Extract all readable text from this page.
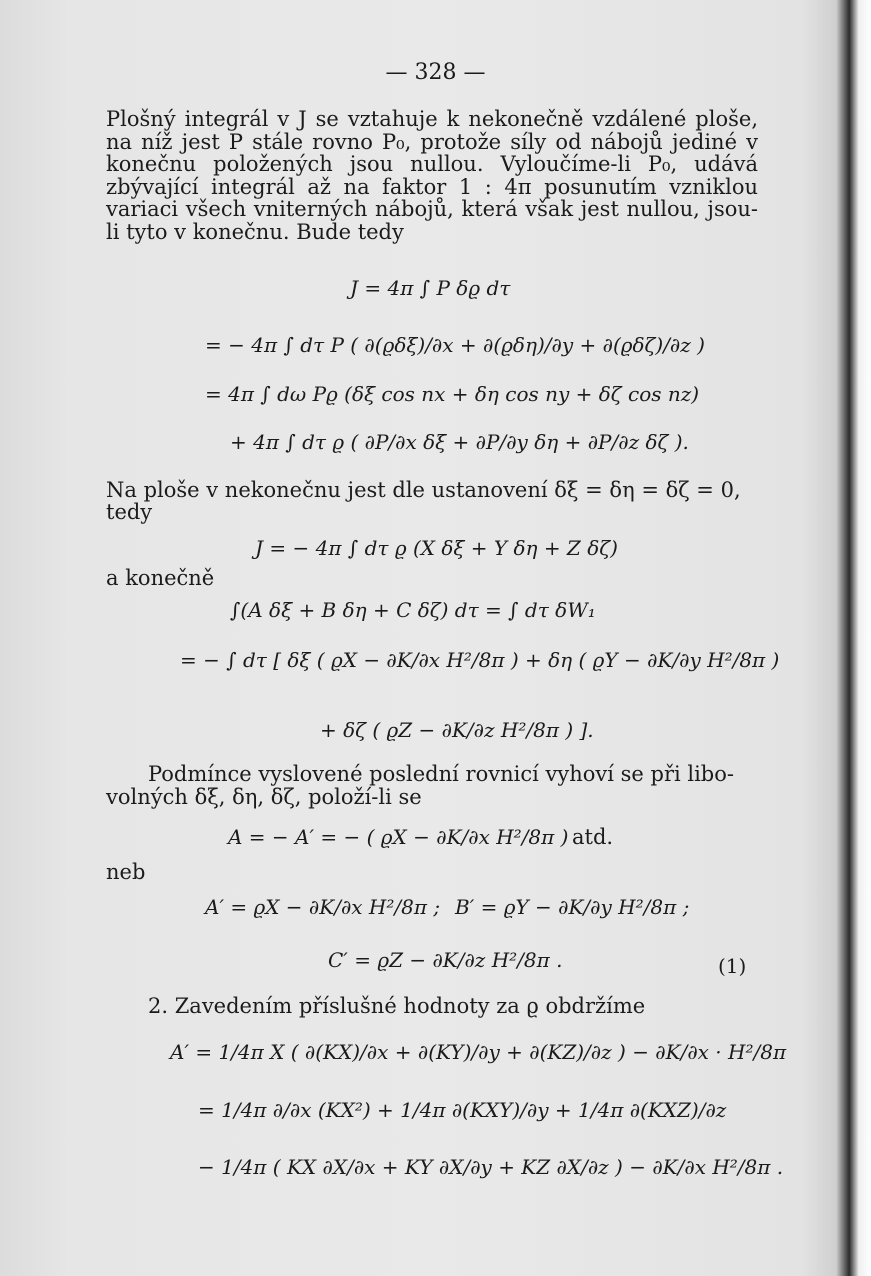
— 328 —

Plošný integrál v J se vztahuje k nekonečně vzdálené ploše, na níž jest P stále rovno P₀, protože síly od nábojů jediné v konečnu položených jsou nullou. Vyloučíme-li P₀, udává zbývající integrál až na faktor 1 : 4π posunutím vzniklou variaci všech vniterných nábojů, která však jest nullou, jsou-li tyto v konečnu. Bude tedy

J = 4π ∫ P δϱ dτ
= − 4π ∫ dτ P ( ∂(ϱδξ)/∂x + ∂(ϱδη)/∂y + ∂(ϱδζ)/∂z )
= 4π ∫ dω Pϱ (δξ cos nx + δη cos ny + δζ cos nz)
+ 4π ∫ dτ ϱ ( ∂P/∂x δξ + ∂P/∂y δη + ∂P/∂z δζ ).
Na ploše v nekonečnu jest dle ustanovení δξ = δη = δζ = 0,
tedy
J = − 4π ∫ dτ ϱ (X δξ + Y δη + Z δζ)
a konečně
∫(A δξ + B δη + C δζ) dτ = ∫ dτ δW₁
= − ∫ dτ [ δξ ( ϱX − ∂K/∂x H²/8π ) + δη ( ϱY − ∂K/∂y H²/8π )
+ δζ ( ϱZ − ∂K/∂z H²/8π ) ].
Podmínce vyslovené poslední rovnicí vyhoví se při libo-
volných δξ, δη, δζ, položí-li se
A = − A′ = − ( ϱX − ∂K/∂x H²/8π ) atd.
neb
A′ = ϱX − ∂K/∂x H²/8π ; B′ = ϱY − ∂K/∂y H²/8π ;
C′ = ϱZ − ∂K/∂z H²/8π .	(1)
2. Zavedením příslušné hodnoty za ϱ obdržíme
A′ = 1/4π X ( ∂(KX)/∂x + ∂(KY)/∂y + ∂(KZ)/∂z ) − ∂K/∂x · H²/8π
= 1/4π ∂/∂x (KX²) + 1/4π ∂(KXY)/∂y + 1/4π ∂(KXZ)/∂z
− 1/4π ( KX ∂X/∂x + KY ∂X/∂y + KZ ∂X/∂z ) − ∂K/∂x H²/8π .
